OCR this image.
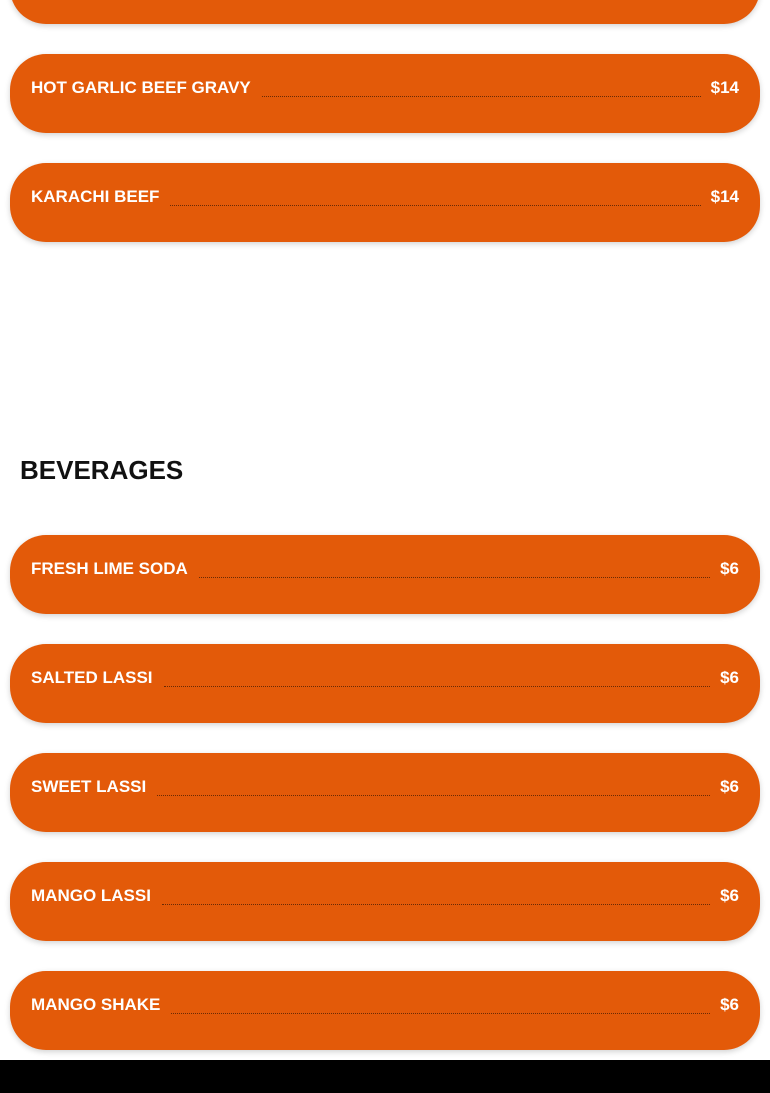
HOT GARLIC BEEF GRAVY	$14
KARACHI BEEF	$14
BEVERAGES
FRESH LIME SODA	$6
SALTED LASSI	$6
SWEET LASSI	$6
MANGO LASSI	$6
MANGO SHAKE	$6
